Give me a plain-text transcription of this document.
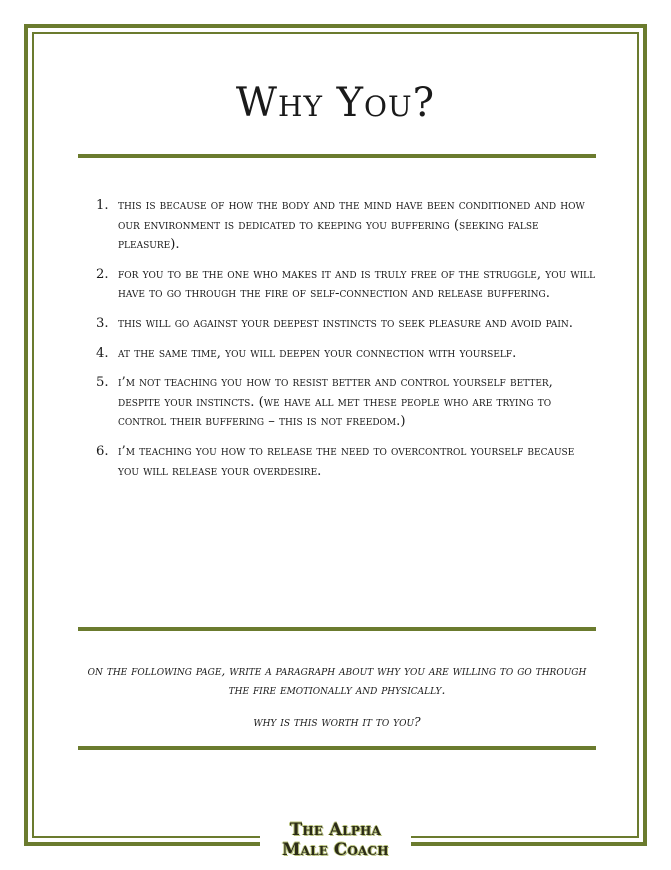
Why You?
1. this is because of how the body and the mind have been conditioned and how our environment is dedicated to keeping you buffering (seeking false pleasure).
2. for you to be the one who makes it and is truly free of the struggle, you will have to go through the fire of self-connection and release buffering.
3. this will go against your deepest instincts to seek pleasure and avoid pain.
4. at the same time, you will deepen your connection with yourself.
5. i’m not teaching you how to resist better and control yourself better, despite your instincts. (we have all met these people who are trying to control their buffering – this is not freedom.)
6. i’m teaching you how to release the need to overcontrol yourself because you will release your overdesire.

on the following page, write a paragraph about why you are willing to go through the fire emotionally and physically.

why is this worth it to you?

The Alpha
Male Coach
